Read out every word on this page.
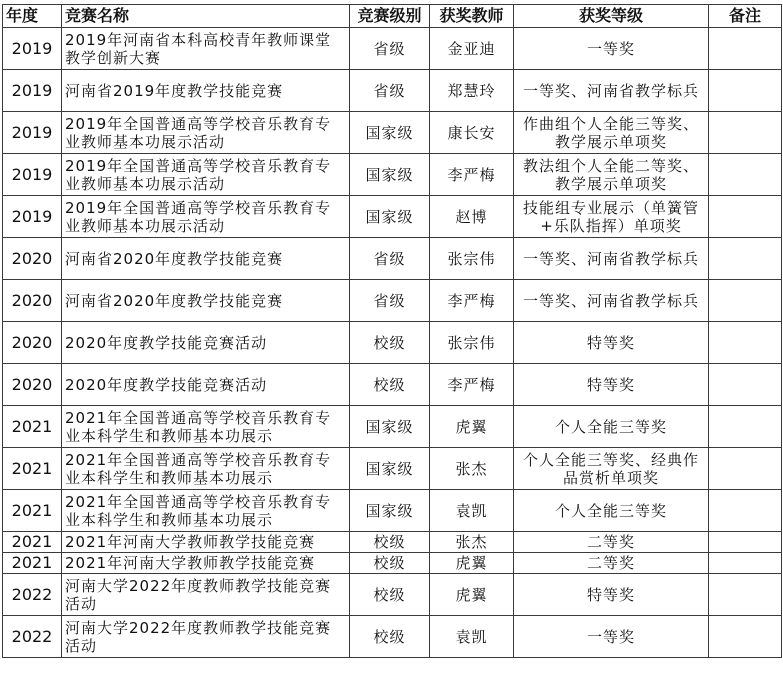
年度	竞赛名称	竞赛级别	获奖教师	获奖等级	备注
2019	2019年河南省本科高校青年教师课堂教学创新大赛	省级	金亚迪	一等奖	
2019	河南省2019年度教学技能竞赛	省级	郑慧玲	一等奖、河南省教学标兵	
2019	2019年全国普通高等学校音乐教育专业教师基本功展示活动	国家级	康长安	作曲组个人全能三等奖、教学展示单项奖	
2019	2019年全国普通高等学校音乐教育专业教师基本功展示活动	国家级	李严梅	教法组个人全能二等奖、教学展示单项奖	
2019	2019年全国普通高等学校音乐教育专业教师基本功展示活动	国家级	赵博	技能组专业展示（单簧管+乐队指挥）单项奖	
2020	河南省2020年度教学技能竞赛	省级	张宗伟	一等奖、河南省教学标兵	
2020	河南省2020年度教学技能竞赛	省级	李严梅	一等奖、河南省教学标兵	
2020	2020年度教学技能竞赛活动	校级	张宗伟	特等奖	
2020	2020年度教学技能竞赛活动	校级	李严梅	特等奖	
2021	2021年全国普通高等学校音乐教育专业本科学生和教师基本功展示	国家级	虎翼	个人全能三等奖	
2021	2021年全国普通高等学校音乐教育专业本科学生和教师基本功展示	国家级	张杰	个人全能三等奖、经典作品赏析单项奖	
2021	2021年全国普通高等学校音乐教育专业本科学生和教师基本功展示	国家级	袁凯	个人全能三等奖	
2021	2021年河南大学教师教学技能竞赛	校级	张杰	二等奖	
2021	2021年河南大学教师教学技能竞赛	校级	虎翼	二等奖	
2022	河南大学2022年度教师教学技能竞赛活动	校级	虎翼	特等奖	
2022	河南大学2022年度教师教学技能竞赛活动	校级	袁凯	一等奖	
